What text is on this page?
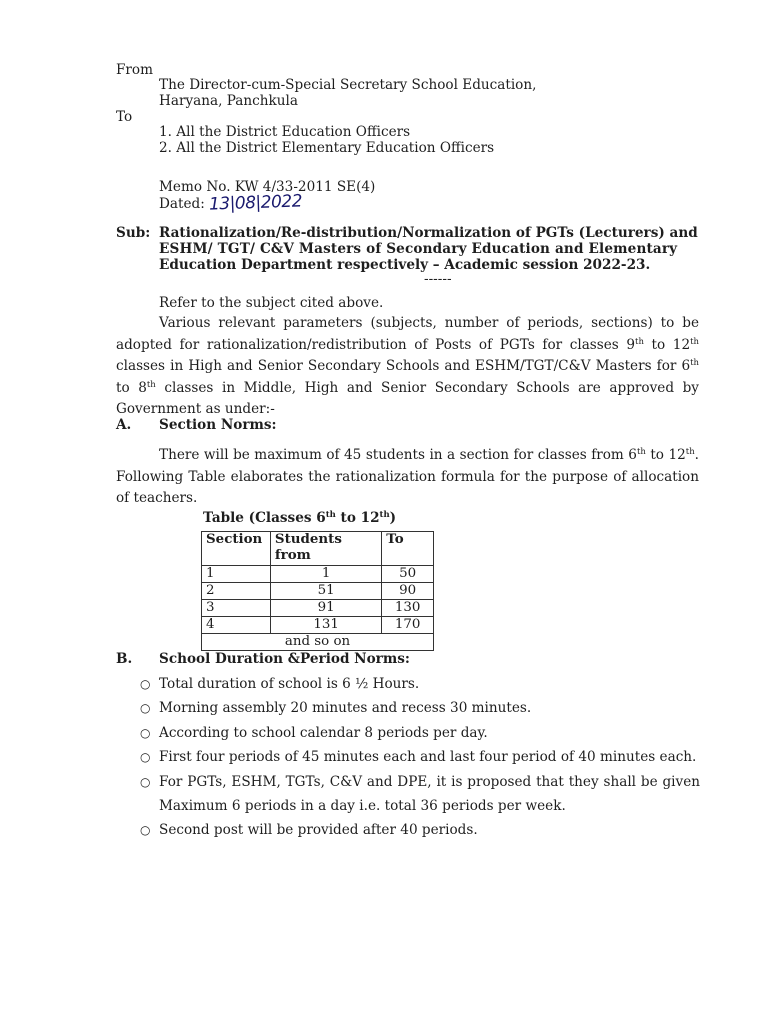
From
The Director-cum-Special Secretary School Education,
Haryana, Panchkula
To
1. All the District Education Officers
2. All the District Elementary Education Officers
Memo No. KW 4/33-2011 SE(4)
Dated: 13|08|2022
Sub: Rationalization/Re-distribution/Normalization of PGTs (Lecturers) and
ESHM/ TGT/ C&V Masters of Secondary Education and Elementary
Education Department respectively – Academic session 2022-23.
------
Refer to the subject cited above.
Various relevant parameters (subjects, number of periods, sections) to be adopted for rationalization/redistribution of Posts of PGTs for classes 9th to 12th classes in High and Senior Secondary Schools and ESHM/TGT/C&V Masters for 6th to 8th classes in Middle, High and Senior Secondary Schools are approved by Government as under:-
A. Section Norms:
There will be maximum of 45 students in a section for classes from 6th to 12th. Following Table elaborates the rationalization formula for the purpose of allocation of teachers.
Table (Classes 6th to 12th)
Section	Students from	To
1	1	50
2	51	90
3	91	130
4	131	170
and so on		
B. School Duration &Period Norms:
○ Total duration of school is 6 ½ Hours.
○ Morning assembly 20 minutes and recess 30 minutes.
○ According to school calendar 8 periods per day.
○ First four periods of 45 minutes each and last four period of 40 minutes each.
○ For PGTs, ESHM, TGTs, C&V and DPE, it is proposed that they shall be given Maximum 6 periods in a day i.e. total 36 periods per week.
○ Second post will be provided after 40 periods.
